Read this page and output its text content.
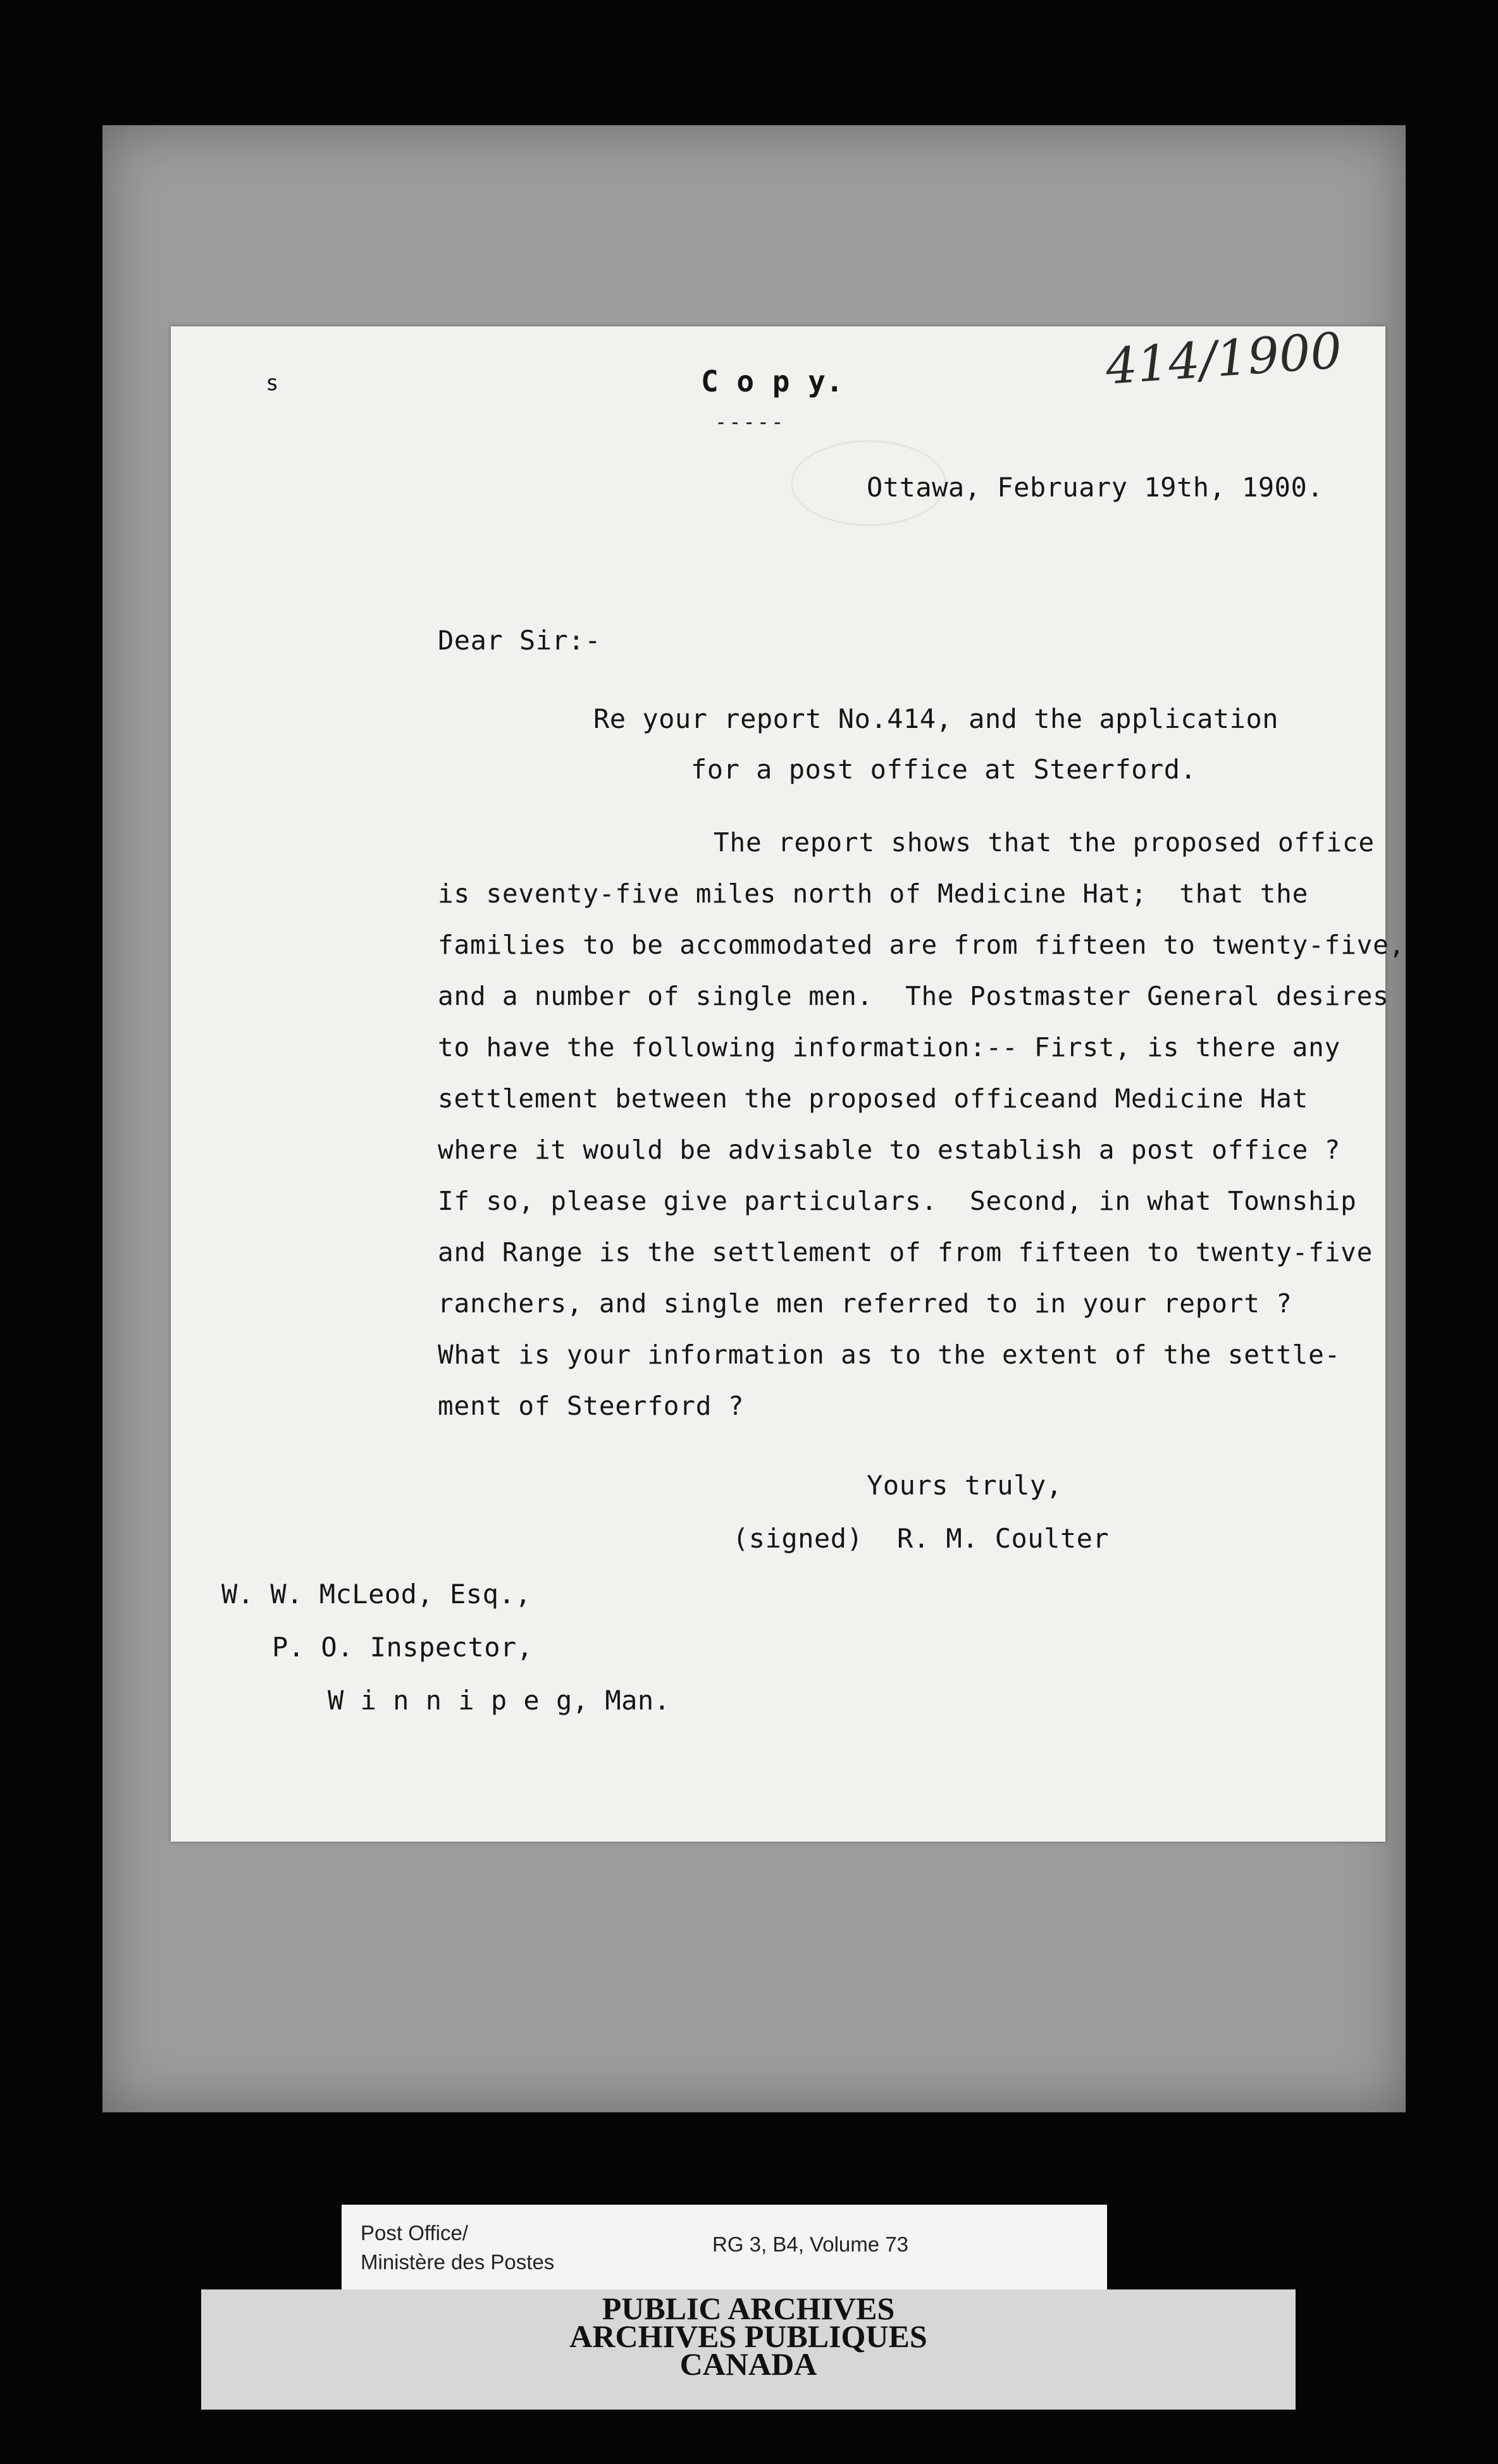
s	C o p y.
-----
414/1900
Ottawa, February 19th, 1900.
Dear Sir:-
Re your report No.414, and the application
for a post office at Steerford.
The report shows that the proposed office
is seventy-five miles north of Medicine Hat;  that the
families to be accommodated are from fifteen to twenty-five,
and a number of single men.  The Postmaster General desires
to have the following information:-- First, is there any
settlement between the proposed officeand Medicine Hat
where it would be advisable to establish a post office ?
If so, please give particulars.  Second, in what Township
and Range is the settlement of from fifteen to twenty-five
ranchers, and single men referred to in your report ?
What is your information as to the extent of the settle-
ment of Steerford ?
Yours truly,
(signed) R. M. Coulter
W. W. McLeod, Esq.,
P. O. Inspector,
W i n n i p e g, Man.
Post Office/
Ministère des Postes
RG 3, B4, Volume 73
PUBLIC ARCHIVES
ARCHIVES PUBLIQUES
CANADA
